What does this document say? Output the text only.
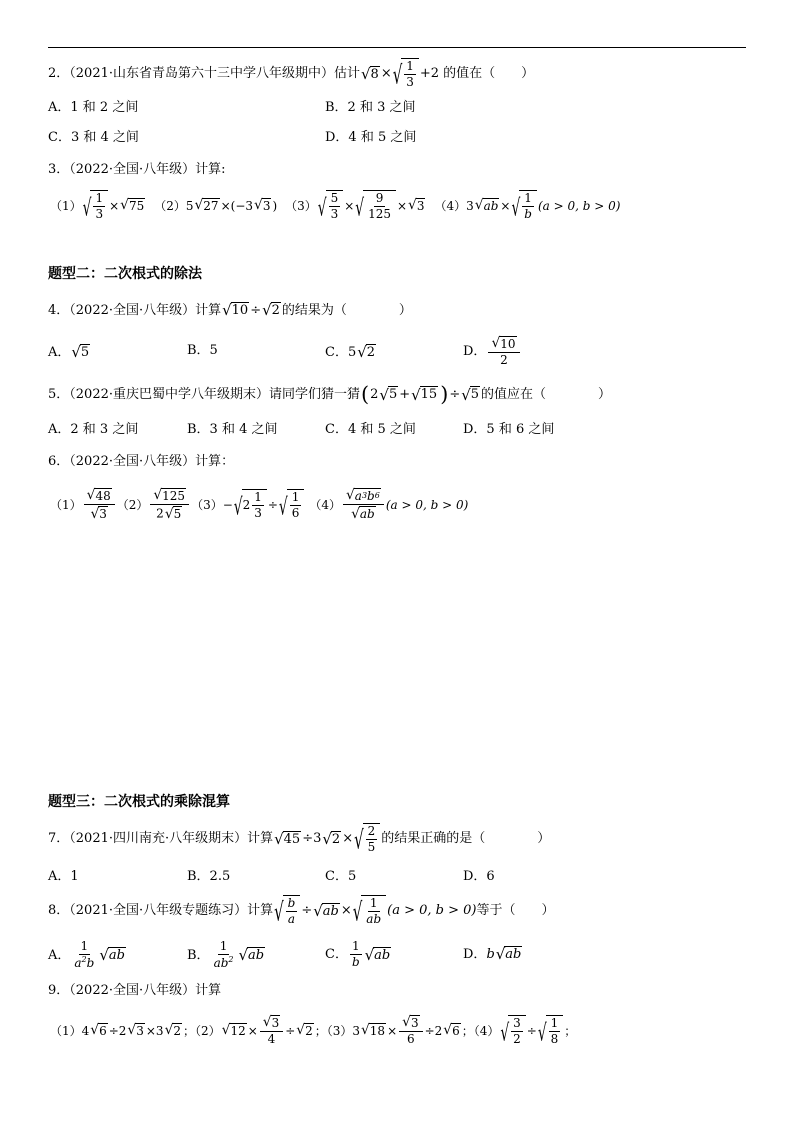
2．（2021·山东省青岛第六十三中学八年级期中）估计 √ 8 × √ $\frac{1}{3} +2$ 的值在（　　）
A．1 和 2 之间	B．2 和 3 之间
C．3 和 4 之间	D．4 和 5 之间
3．（2022·全国·八年级）计算:
（1） √ $\frac{1}{3}$ × √ 75 （2） 5 √ 27 ×(−3 √ 3 ) （3） √ $\frac{5}{3}$ × √ $\frac{9}{125}$ × √ 3 （4） 3 √ ab × √ $\frac{1}{b} (a > 0$, b > 0)
题型二：二次根式的除法
4．（2022·全国·八年级）计算 √ 10 ÷ √ 2 的结果为（　　　　）
A． √ 5	B．5	C．5 √ 2	D． $\frac{√ 10}{2}$
5．（2022·重庆巴蜀中学八年级期末）请同学们猜一猜 ( 2 √ 5 + √ 15 ) ÷ √ 5 的值应在（　　　　）
A．2 和 3 之间	B．3 和 4 之间	C．4 和 5 之间	D．5 和 6 之间
6．（2022·全国·八年级）计算：
$(1) \frac{√ 48}{√ 3} (2) \frac{√ 125}{2 √ 5} (3)$ − √ $2 \frac{1}{3}$ ÷ √ $\frac{1}{6} (4) \frac{√ a 3 b 6}{√ ab} (a > 0$, b > 0)
题型三：二次根式的乘除混算
7．（2021·四川南充·八年级期末）计算 √ 45 ÷3 √ 2 × √ $\frac{2}{5}$ 的结果正确的是（　　　　）
A．1	B．2.5	C．5	D．6
8．（2021·全国·八年级专题练习）计算 √ $\frac{b}{a}$ ÷ √ ab × √ $\frac{1}{ab} (a > 0$, b > 0) 等于（　　）
A． $\frac{1}{a^2b}$ √ ab	B． $\frac{1}{ab^2}$ √ ab	C． $\frac{1}{b}$ √ ab	D． b √ ab
9．（2022·全国·八年级）计算
（1） 4 √ 6 ÷2 √ 3 ×3 √ 2 ；（2） √ $12 \times \frac{√ 3}{4}$ ÷ √ 2 ；（3） 3 √ $18 \times \frac{√ 3}{6} \div 2$ √ 6 ；（4） √ $\frac{3}{2}$ ÷ √ $\frac{1}{8}$ ；
